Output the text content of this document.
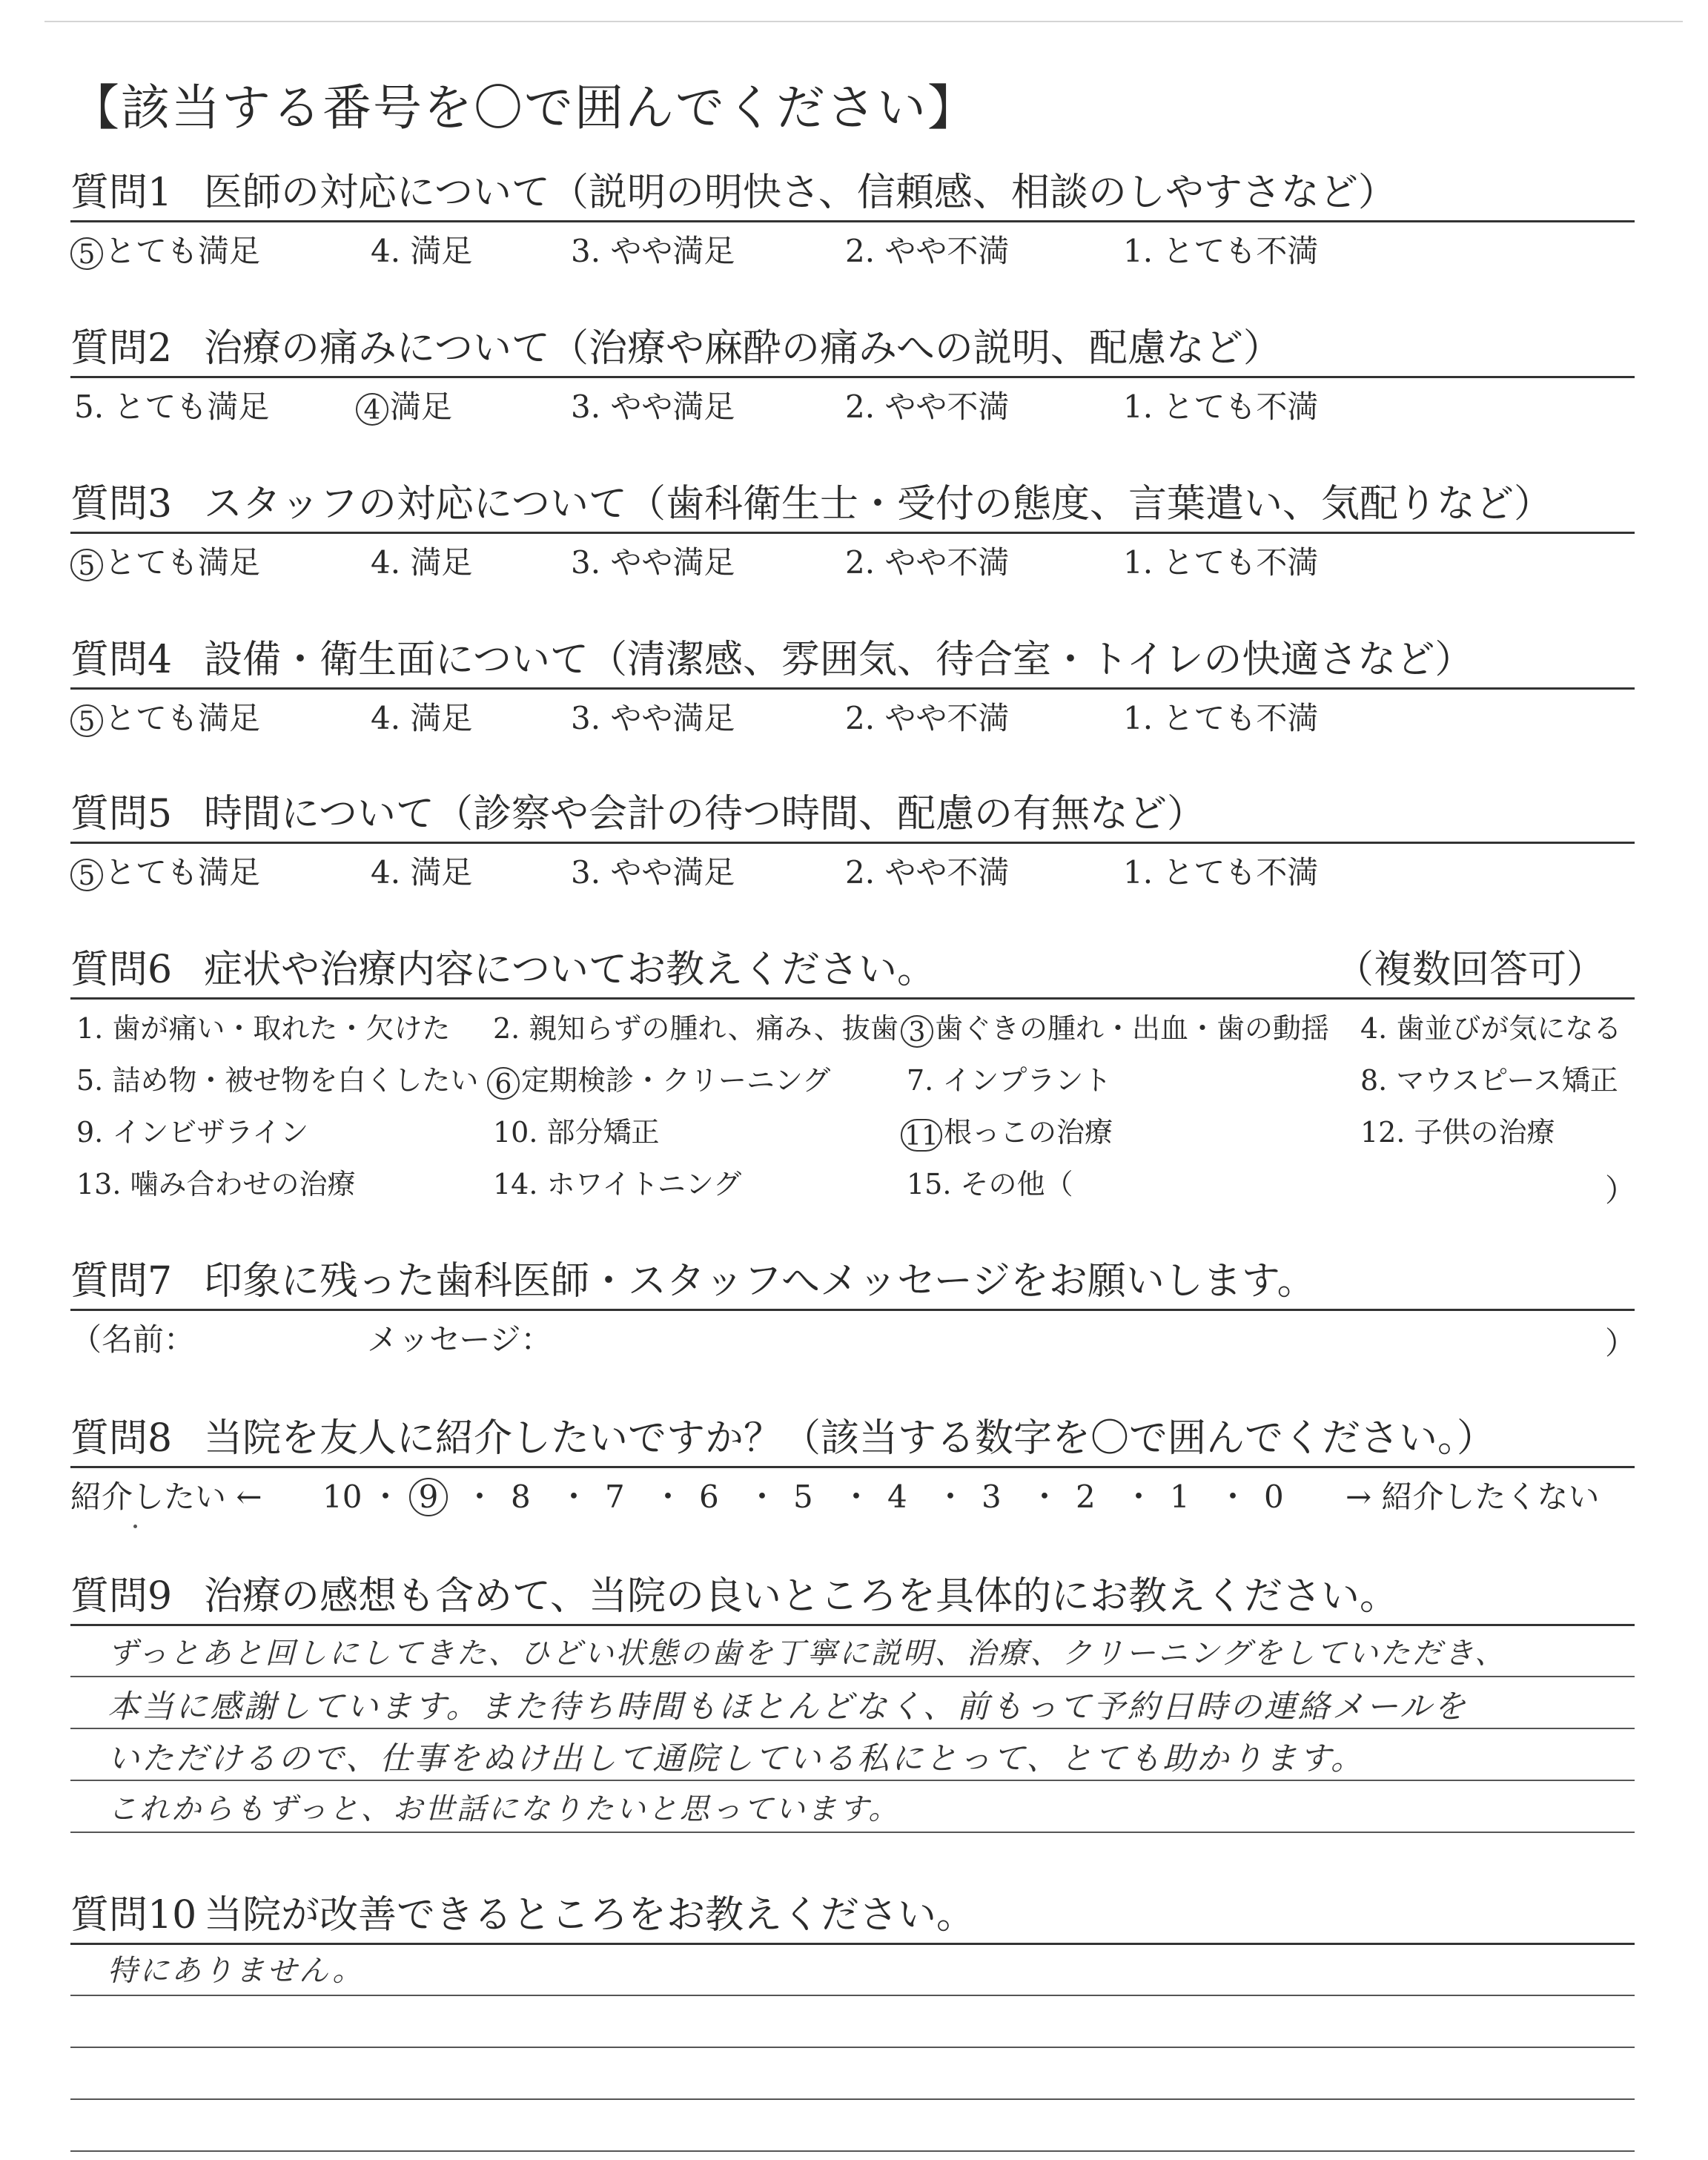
【該当する番号を〇で囲んでください】
質問1 医師の対応について（説明の明快さ、信頼感、相談のしやすさなど）
5 とても満足	4. 満足	3. やや満足	2. やや不満	1. とても不満
質問2 治療の痛みについて（治療や麻酔の痛みへの説明、配慮など）
5. とても満足	4 満足	3. やや満足	2. やや不満	1. とても不満
質問3 スタッフの対応について（歯科衛生士・受付の態度、言葉遣い、気配りなど）
5 とても満足	4. 満足	3. やや満足	2. やや不満	1. とても不満
質問4 設備・衛生面について（清潔感、雰囲気、待合室・トイレの快適さなど）
5 とても満足	4. 満足	3. やや満足	2. やや不満	1. とても不満
質問5 時間について（診察や会計の待つ時間、配慮の有無など）
5 とても満足	4. 満足	3. やや満足	2. やや不満	1. とても不満
質問6 症状や治療内容についてお教えください。	（複数回答可）
1. 歯が痛い・取れた・欠けた 2. 親知らずの腫れ、痛み、抜歯 3 歯ぐきの腫れ・出血・歯の動揺 4. 歯並びが気になる
5. 詰め物・被せ物を白くしたい 6 定期検診・クリーニング	7. インプラント	8. マウスピース矯正
9. インビザライン	10. 部分矯正	11 根っこの治療	12. 子供の治療
13. 噛み合わせの治療	14. ホワイトニング	15. その他（	）
質問7 印象に残った歯科医師・スタッフへメッセージをお願いします。
（名前：	メッセージ：	）
質問8 当院を友人に紹介したいですか？（該当する数字を〇で囲んでください。）
紹介したい ← 10 ・ 9 ・ 8 ・ 7 ・ 6 ・ 5 ・ 4 ・ 3 ・ 2 ・ 1 ・ 0 → 紹介したくない
質問9 治療の感想も含めて、当院の良いところを具体的にお教えください。
ずっとあと回しにしてきた、ひどい状態の歯を丁寧に説明、治療、クリーニングをしていただき、
本当に感謝しています。また待ち時間もほとんどなく、前もって予約日時の連絡メールを
いただけるので、仕事をぬけ出して通院している私にとって、とても助かります。
これからもずっと、お世話になりたいと思っています。
質問10 当院が改善できるところをお教えください。
特にありません。
